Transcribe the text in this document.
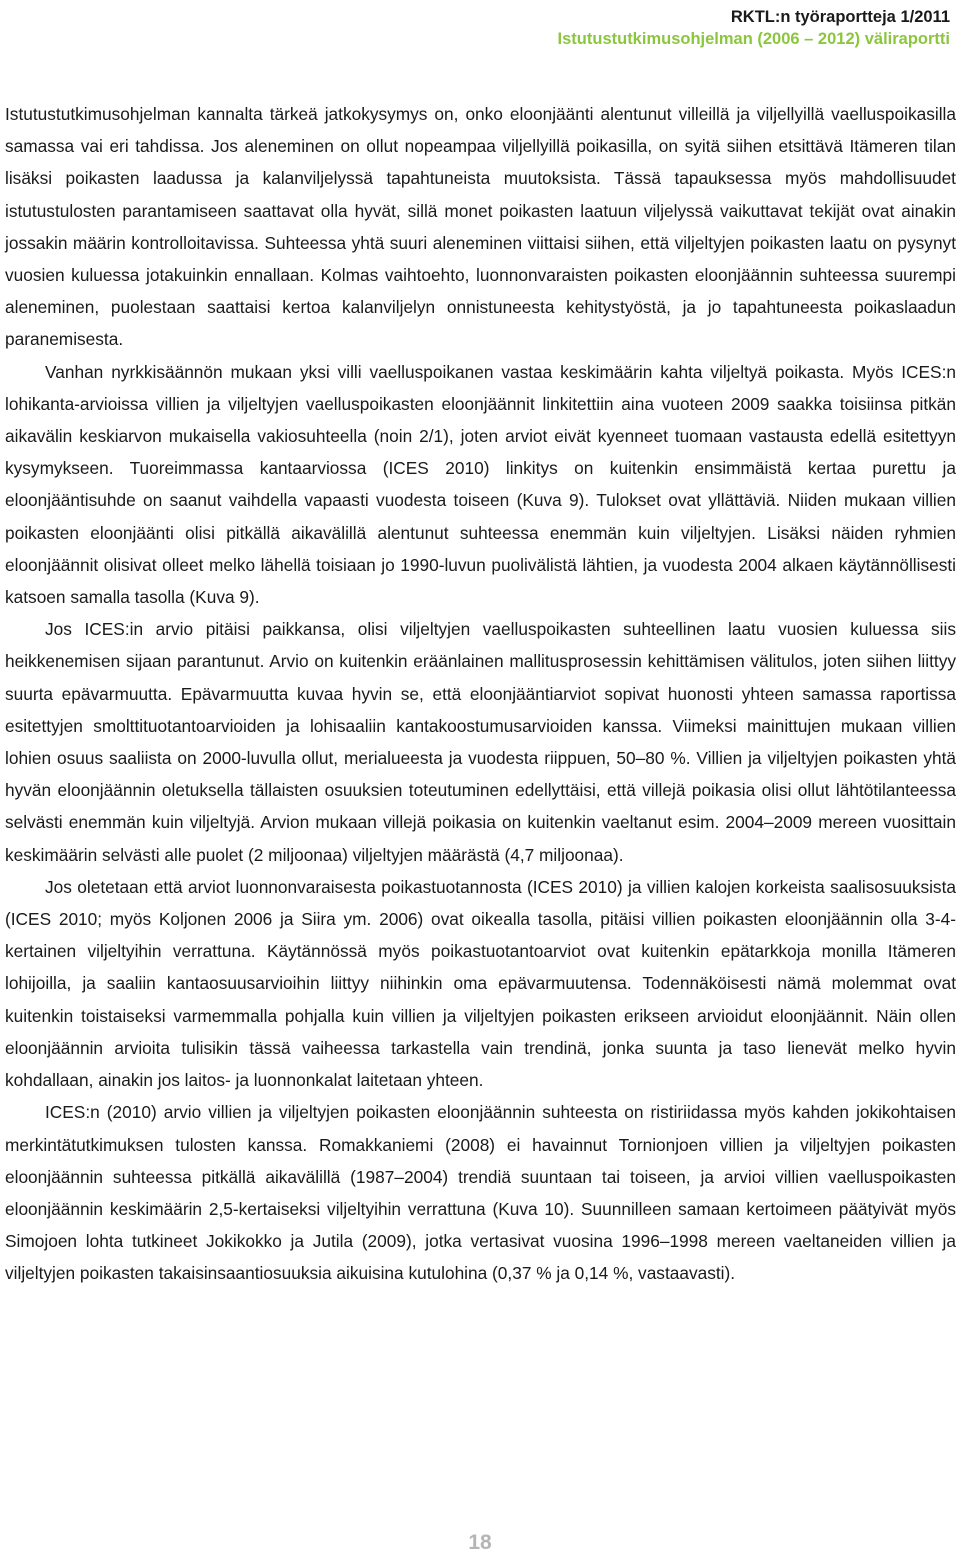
RKTL:n työraportteja 1/2011
Istutustutkimusohjelman (2006 – 2012) väliraportti

Istutustutkimusohjelman kannalta tärkeä jatkokysymys on, onko eloonjäänti alentunut villeillä ja viljellyillä vaelluspoikasilla samassa vai eri tahdissa. Jos aleneminen on ollut nopeampaa viljellyillä poikasilla, on syitä siihen etsittävä Itämeren tilan lisäksi poikasten laadussa ja kalanviljelyssä tapahtuneista muutoksista. Tässä tapauksessa myös mahdollisuudet istutustulosten parantamiseen saattavat olla hyvät, sillä monet poikasten laatuun viljelyssä vaikuttavat tekijät ovat ainakin jossakin määrin kontrolloitavissa. Suhteessa yhtä suuri aleneminen viittaisi siihen, että viljeltyjen poikasten laatu on pysynyt vuosien kuluessa jotakuinkin ennallaan. Kolmas vaihtoehto, luonnonvaraisten poikasten eloonjäännin suhteessa suurempi aleneminen, puolestaan saattaisi kertoa kalanviljelyn onnistuneesta kehitystyöstä, ja jo tapahtuneesta poikaslaadun paranemisesta.

Vanhan nyrkkisäännön mukaan yksi villi vaelluspoikanen vastaa keskimäärin kahta viljeltyä poikasta. Myös ICES:n lohikanta-arvioissa villien ja viljeltyjen vaelluspoikasten eloonjäännit linkitettiin aina vuoteen 2009 saakka toisiinsa pitkän aikavälin keskiarvon mukaisella vakiosuhteella (noin 2/1), joten arviot eivät kyenneet tuomaan vastausta edellä esitettyyn kysymykseen. Tuoreimmassa kantaarviossa (ICES 2010) linkitys on kuitenkin ensimmäistä kertaa purettu ja eloonjääntisuhde on saanut vaihdella vapaasti vuodesta toiseen (Kuva 9). Tulokset ovat yllättäviä. Niiden mukaan villien poikasten eloonjäänti olisi pitkällä aikavälillä alentunut suhteessa enemmän kuin viljeltyjen. Lisäksi näiden ryhmien eloonjäännit olisivat olleet melko lähellä toisiaan jo 1990-luvun puolivälistä lähtien, ja vuodesta 2004 alkaen käytännöllisesti katsoen samalla tasolla (Kuva 9).

Jos ICES:in arvio pitäisi paikkansa, olisi viljeltyjen vaelluspoikasten suhteellinen laatu vuosien kuluessa siis heikkenemisen sijaan parantunut. Arvio on kuitenkin eräänlainen mallitusprosessin kehittämisen välitulos, joten siihen liittyy suurta epävarmuutta. Epävarmuutta kuvaa hyvin se, että eloonjääntiarviot sopivat huonosti yhteen samassa raportissa esitettyjen smolttituotantoarvioiden ja lohisaaliin kantakoostumusarvioiden kanssa. Viimeksi mainittujen mukaan villien lohien osuus saaliista on 2000-luvulla ollut, merialueesta ja vuodesta riippuen, 50–80 %. Villien ja viljeltyjen poikasten yhtä hyvän eloonjäännin oletuksella tällaisten osuuksien toteutuminen edellyttäisi, että villejä poikasia olisi ollut lähtötilanteessa selvästi enemmän kuin viljeltyjä. Arvion mukaan villejä poikasia on kuitenkin vaeltanut esim. 2004–2009 mereen vuosittain keskimäärin selvästi alle puolet (2 miljoonaa) viljeltyjen määrästä (4,7 miljoonaa).

Jos oletetaan että arviot luonnonvaraisesta poikastuotannosta (ICES 2010) ja villien kalojen korkeista saalisosuuksista (ICES 2010; myös Koljonen 2006 ja Siira ym. 2006) ovat oikealla tasolla, pitäisi villien poikasten eloonjäännin olla 3-4-kertainen viljeltyihin verrattuna. Käytännössä myös poikastuotantoarviot ovat kuitenkin epätarkkoja monilla Itämeren lohijoilla, ja saaliin kantaosuusarvioihin liittyy niihinkin oma epävarmuutensa. Todennäköisesti nämä molemmat ovat kuitenkin toistaiseksi varmemmalla pohjalla kuin villien ja viljeltyjen poikasten erikseen arvioidut eloonjäännit. Näin ollen eloonjäännin arvioita tulisikin tässä vaiheessa tarkastella vain trendinä, jonka suunta ja taso lienevät melko hyvin kohdallaan, ainakin jos laitos- ja luonnonkalat laitetaan yhteen.

ICES:n (2010) arvio villien ja viljeltyjen poikasten eloonjäännin suhteesta on ristiriidassa myös kahden jokikohtaisen merkintätutkimuksen tulosten kanssa. Romakkaniemi (2008) ei havainnut Tornionjoen villien ja viljeltyjen poikasten eloonjäännin suhteessa pitkällä aikavälillä (1987–2004) trendiä suuntaan tai toiseen, ja arvioi villien vaelluspoikasten eloonjäännin keskimäärin 2,5-kertaiseksi viljeltyihin verrattuna (Kuva 10). Suunnilleen samaan kertoimeen päätyivät myös Simojoen lohta tutkineet Jokikokko ja Jutila (2009), jotka vertasivat vuosina 1996–1998 mereen vaeltaneiden villien ja viljeltyjen poikasten takaisinsaantiosuuksia aikuisina kutulohina (0,37 % ja 0,14 %, vastaavasti).

18
